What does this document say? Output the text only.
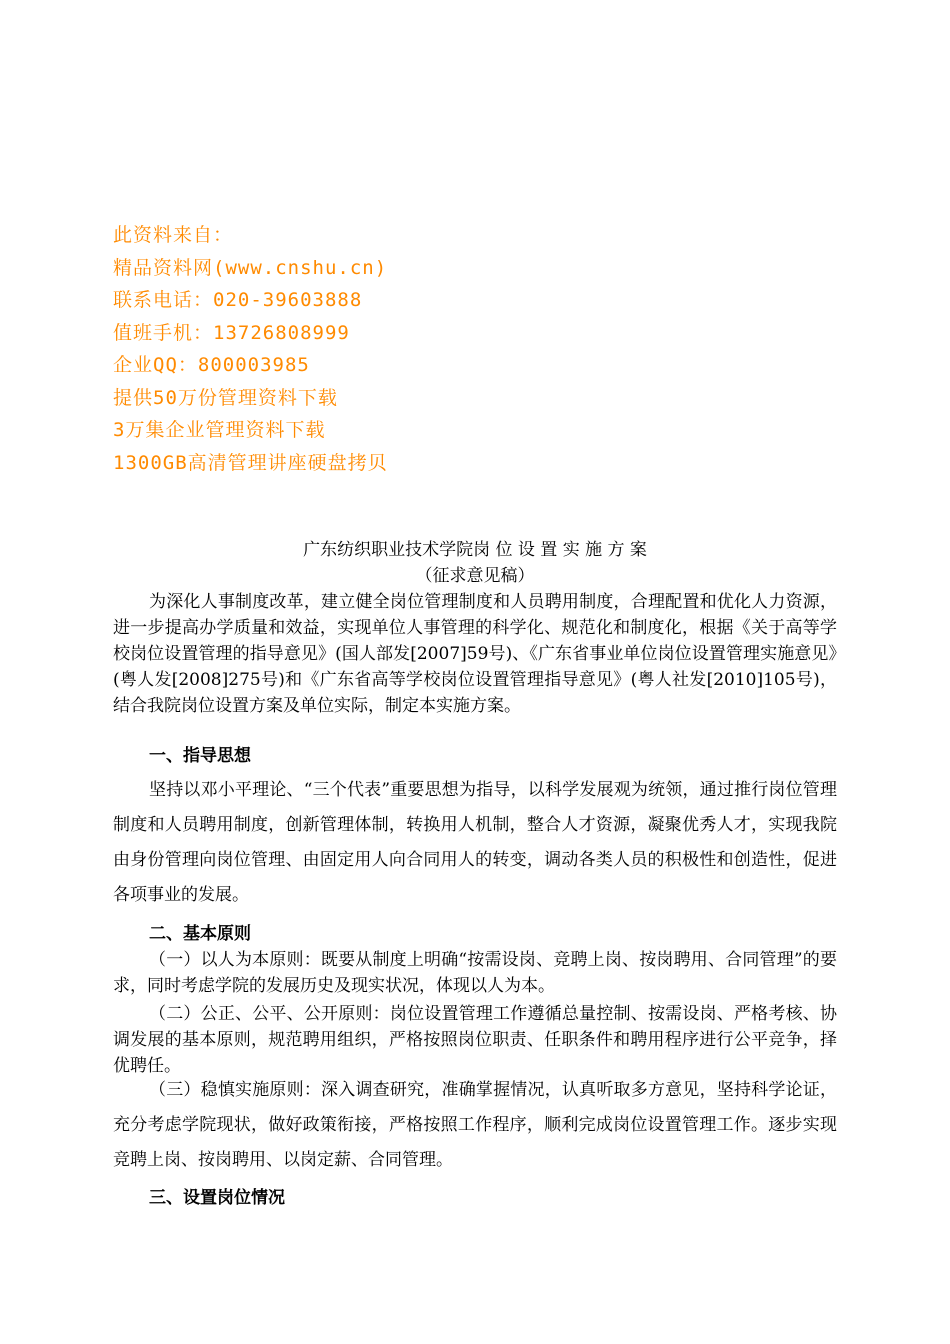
此资料来自：
精品资料网(www.cnshu.cn)
联系电话：020-39603888
值班手机：13726808999
企业QQ：800003985
提供50万份管理资料下载
3万集企业管理资料下载
1300GB高清管理讲座硬盘拷贝
广东纺织职业技术学院岗 位 设 置 实 施 方 案
（征求意见稿）

为深化人事制度改革，建立健全岗位管理制度和人员聘用制度，合理配置和优化人力资源，进一步提高办学质量和效益，实现单位人事管理的科学化、规范化和制度化，根据《关于高等学校岗位设置管理的指导意见》(国人部发[2007]59号)、《广东省事业单位岗位设置管理实施意见》(粤人发[2008]275号)和《广东省高等学校岗位设置管理指导意见》(粤人社发[2010]105号)，结合我院岗位设置方案及单位实际，制定本实施方案。

一、指导思想

坚持以邓小平理论、“三个代表”重要思想为指导，以科学发展观为统领，通过推行岗位管理制度和人员聘用制度，创新管理体制，转换用人机制，整合人才资源，凝聚优秀人才，实现我院由身份管理向岗位管理、由固定用人向合同用人的转变，调动各类人员的积极性和创造性，促进各项事业的发展。

二、基本原则

（一）以人为本原则：既要从制度上明确“按需设岗、竞聘上岗、按岗聘用、合同管理”的要求，同时考虑学院的发展历史及现实状况，体现以人为本。

（二）公正、公平、公开原则：岗位设置管理工作遵循总量控制、按需设岗、严格考核、协调发展的基本原则，规范聘用组织，严格按照岗位职责、任职条件和聘用程序进行公平竞争，择优聘任。

（三）稳慎实施原则：深入调查研究，准确掌握情况，认真听取多方意见，坚持科学论证，充分考虑学院现状，做好政策衔接，严格按照工作程序，顺利完成岗位设置管理工作。逐步实现竞聘上岗、按岗聘用、以岗定薪、合同管理。

三、设置岗位情况
